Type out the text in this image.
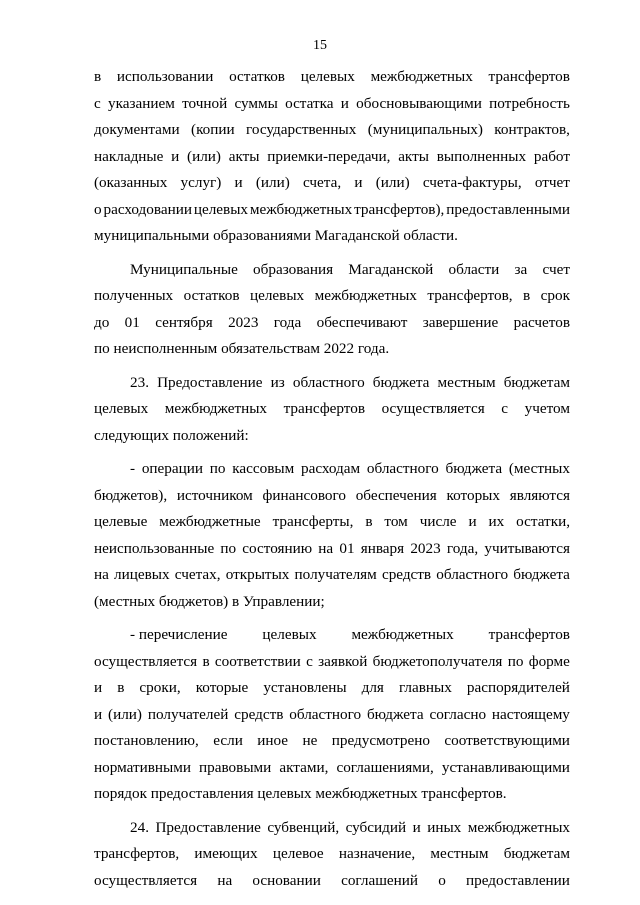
15
в использовании остатков целевых межбюджетных трансфертов
с указанием точной суммы остатка и обосновывающими потребность
документами (копии государственных (муниципальных) контрактов,
накладные и (или) акты приемки-передачи, акты выполненных работ
(оказанных услуг) и (или) счета, и (или) счета-фактуры, отчет
о расходовании целевых межбюджетных трансфертов), предоставленными
муниципальными образованиями Магаданской области.
Муниципальные образования Магаданской области за счет
полученных остатков целевых межбюджетных трансфертов, в срок
до 01 сентября 2023 года обеспечивают завершение расчетов
по неисполненным обязательствам 2022 года.
23. Предоставление из областного бюджета местным бюджетам
целевых межбюджетных трансфертов осуществляется с учетом
следующих положений:
- операции по кассовым расходам областного бюджета (местных
бюджетов), источником финансового обеспечения которых являются
целевые межбюджетные трансферты, в том числе и их остатки,
неиспользованные по состоянию на 01 января 2023 года, учитываются
на лицевых счетах, открытых получателям средств областного бюджета
(местных бюджетов) в Управлении;
- перечисление целевых межбюджетных трансфертов
осуществляется в соответствии с заявкой бюджетополучателя по форме
и в сроки, которые установлены для главных распорядителей
и (или) получателей средств областного бюджета согласно настоящему
постановлению, если иное не предусмотрено соответствующими
нормативными правовыми актами, соглашениями, устанавливающими
порядок предоставления целевых межбюджетных трансфертов.
24. Предоставление субвенций, субсидий и иных межбюджетных
трансфертов, имеющих целевое назначение, местным бюджетам
осуществляется на основании соглашений о предоставлении
